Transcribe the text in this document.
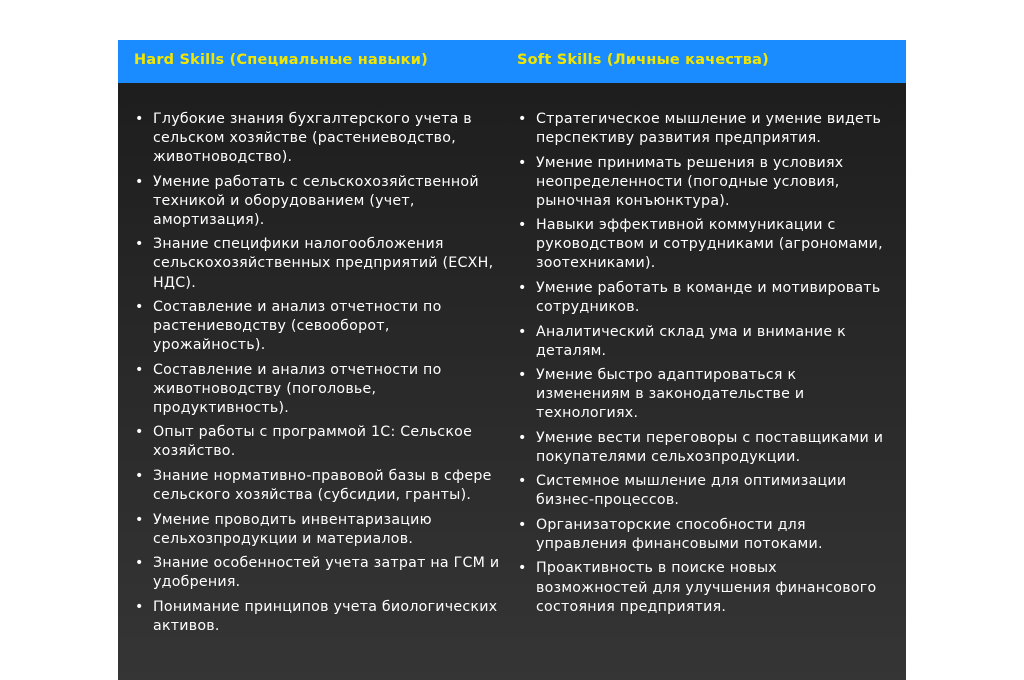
Hard Skills (Специальные навыки)	Soft Skills (Личные качества)
• Глубокие знания бухгалтерского учета в сельском хозяйстве (растениеводство, животноводство).
• Умение работать с сельскохозяйственной техникой и оборудованием (учет, амортизация).
• Знание специфики налогообложения сельскохозяйственных предприятий (ЕСХН, НДС).
• Составление и анализ отчетности по растениеводству (севооборот, урожайность).
• Составление и анализ отчетности по животноводству (поголовье, продуктивность).
• Опыт работы с программой 1С: Сельское хозяйство.
• Знание нормативно-правовой базы в сфере сельского хозяйства (субсидии, гранты).
• Умение проводить инвентаризацию сельхозпродукции и материалов.
• Знание особенностей учета затрат на ГСМ и удобрения.
• Понимание принципов учета биологических активов.
• Стратегическое мышление и умение видеть перспективу развития предприятия.
• Умение принимать решения в условиях неопределенности (погодные условия, рыночная конъюнктура).
• Навыки эффективной коммуникации с руководством и сотрудниками (агрономами, зоотехниками).
• Умение работать в команде и мотивировать сотрудников.
• Аналитический склад ума и внимание к деталям.
• Умение быстро адаптироваться к изменениям в законодательстве и технологиях.
• Умение вести переговоры с поставщиками и покупателями сельхозпродукции.
• Системное мышление для оптимизации бизнес-процессов.
• Организаторские способности для управления финансовыми потоками.
• Проактивность в поиске новых возможностей для улучшения финансового состояния предприятия.
